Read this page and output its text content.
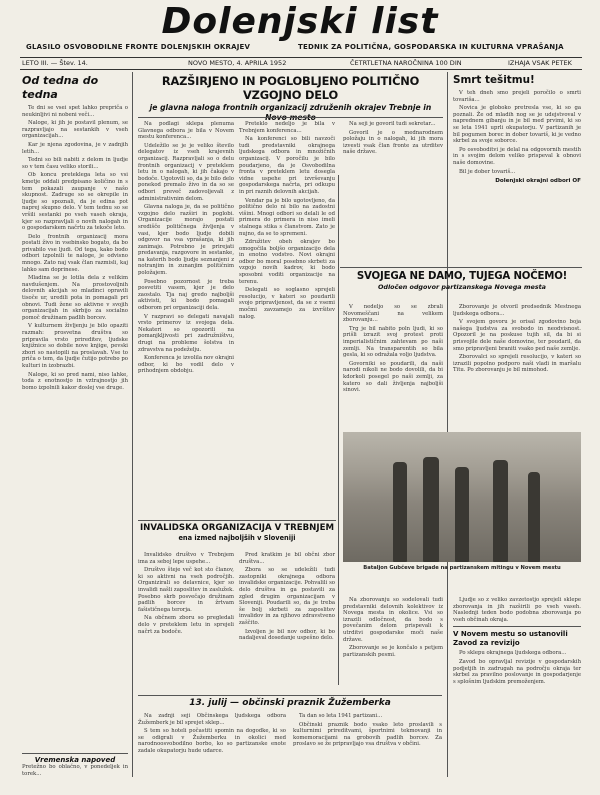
Dolenjski list
GLASILO OSVOBODILNE FRONTE DOLENJSKIH OKRAJEV	TEDNIK ZA POLITIČNA, GOSPODARSKA IN KULTURNA VPRAŠANJA
LETO III. — Štev. 14.	NOVO MESTO, 4. APRILA 1952	ČETRTLETNA NAROČNINA 100 DIN	IZHAJA VSAK PETEK
Od tedna do tedna

Te dni se vsei spet lahko prepriča o neukinljivi ni nobeni veči...

Naloge, ki jih je postavil plenum, se razpravljajo na sestankih v vseh organizacijah...

Kar je njena zgodovina, je v zadnjih letih...

Tedni so bili nabiti z delom in ljudje so v tem času veliko storili...

Ob koncu preteklega leta so vsi kmetje oddali predpisano količino in s tem pokazali zaupanje v našo skupnost. Zadruge so se okrepile in ljudje so spoznali, da je edina pot naprej skupno delo. V tem tednu so se vršili sestanki po vseh vaseh okraja, kjer so razpravljali o novih nalogah in o gospodarskem načrtu za tekoče leto.

Delo frontnih organizacij mora postati živo in vsebinsko bogato, da bo privabilo vse ljudi. Od tega, kako bodo odbori izpolnili te naloge, je odvisno mnogo. Zato naj vsak član razmisli, kaj lahko sam doprinese.

Mladina se je lotila dela z velikim navdušenjem. Na prostovoljnih delovnih akcijah so mladinci opravili tisoče ur, uredili pota in pomagali pri obnovi. Tudi žene so aktivne v svojih organizacijah in skrbijo za socialno pomoč družinam padlih borcev.

V kulturnem življenju je bilo opaziti razmah: prosvetna društva so pripravila vrsto prireditev, ljudske knjižnice so dobile nove knjige, pevski zbori so nastopili na proslavah. Vse to priča o tem, da ljudje čutijo potrebo po kulturi in izobrazbi.

Naloge, ki so pred nami, niso lahke, toda z enotnostjo in vztrajnostjo jih bomo izpolnili kakor doslej vse druge.

Vremenska napoved
Pretežno bo oblačno, v ponedeljek in torek...
RAZŠIRJENO IN POGLOBLJENO POLITIČNO VZGOJNO DELO
je glavna naloga frontnih organizacij združenih okrajev Trebnje in

Na podlagi sklepa plenuma Glavnega odbora je bila v Novem mestu konferenca...

Udeležilo se je je veliko število delegatov iz vseh krajevnih organizacij. Razpravljali so o delu frontnih organizacij v preteklem letu in o nalogah, ki jih čakajo v bodoče. Ugotovili so, da je bilo delo ponekod premalo živo in da so se odbori preveč zadovoljevali z administrativnim delom.

Glavna naloga je, da se politično vzgojno delo razširi in poglobi. Organizacije morajo postati središče političnega življenja v vasi, kjer bodo ljudje dobili odgovor na vsa vprašanja, ki jih zanimajo. Potrebno je prirejati predavanja, razgovore in sestanke, na katerih bodo ljudje seznanjeni z notranjim in zunanjim političnim položajem.

Posebno pozornost je treba posvetiti vasem, kjer je delo zaostalo. Tja naj gredo najboljši aktivisti, ki bodo pomagali odborom pri organizaciji dela.

V razpravi so delegati navajali vrsto primerov iz svojega dela. Nekateri so opozorili na pomanjkljivosti pri zadružništvu, drugi na probleme šolstva in zdravstva na podeželju.

Konferenca je izvolila nov okrajni odbor, ki bo vodil delo v prihodnjem obdobju.

Preteklo nedeljo je bila v Trebnjem konferenca...

Na konferenci so bili navzoči tudi predstavniki okrajnega ljudskega odbora in množičnih organizacij. V poročilu je bilo poudarjeno, da je Osvobodilna fronta v preteklem letu dosegla vidne uspehe pri izvrševanju gospodarskega načrta, pri odkupu in pri raznih delovnih akcijah.

Vendar pa je bilo ugotovljeno, da politično delo ni bilo na zadostni višini. Mnogi odbori so delali le od primera do primera in niso imeli stalnega stika s članstvom. Zato je nujno, da se to spremeni.

Združitev obeh okrajev bo omogočila boljšo organizacijo dela in enotno vodstvo. Novi okrajni odbor bo moral posebno skrbeti za vzgojo novih kadrov, ki bodo sposobni voditi organizacije na terenu.

Delegati so soglasno sprejeli resolucijo, v kateri so poudarili svojo pripravljenost, da se z vsemi močmi zavzamejo za izvršitev nalog.

Na seji je govoril tudi sekretar...

Govoril je o mednarodnem položaju in o nalogah, ki jih mora izvesti vsak član fronte za utrditev naše države.

Smrt tešitmu!

V teh dneh smo prejeli poročilo o smrti tovariša...

Novica je globoko pretresla vse, ki so ga poznali. Že od mladih nog se je udejstvoval v naprednem gibanju in je bil med prvimi, ki so se leta 1941 uprli okupatorju. V partizanih je bil pogumen borec in dober tovariš, ki je vedno skrbel za svoje soborce.

Po osvoboditvi je delal na odgovornih mestih in s svojim delom veliko prispeval k obnovi naše domovine.

Bil je dober tovariš...

Dolenjski okrajni odbori OF
SVOJEGA NE DAMO, TUJEGA NOČEMO!
Odločen odgovor partizanskega Novega mesta

V nedeljo so se zbrali Novomeščani na velikem zborovanju...

Trg je bil nabito poln ljudi, ki so prišli izrazit svoj protest proti imperialističnim zahtevam po naši zemlji. Na transparentih so bila gesla, ki so odražala voljo ljudstva.

Govorniki so poudarili, da naši narodi nikoli ne bodo dovolili, da bi kdorkoli posegel po naši zemlji, za katero so dali življenja najboljši sinovi.

Zborovanje je otvoril predsednik Mestnega ljudskega odbora...

V svojem govoru je orisal zgodovino boja našega ljudstva za svobodo in neodvisnost. Opozoril je na poskuse tujih sil, da bi si prisvojile dele naše domovine, ter poudaril, da smo pripravljeni braniti vsako ped naše zemlje.

Zborovalci so sprejeli resolucijo, v kateri so izrazili popolno podporo naši vladi in maršalu Titu. Po zborovanju je bil mimohod.

Bataljon Gubčeve brigade na partizanskem mitingu v Novem mestu
INVALIDSKA ORGANIZACIJA V TREBNJEM
ena izmed najboljših v Sloveniji

Invalidsko društvo v Trebnjem ima za seboj lepe uspehe...

Društvo šteje več kot sto članov, ki so aktivni na vseh področjih. Organizirali so delavnice, kjer so invalidi našli zaposlitev in zaslužek. Posebno skrb posvečajo družinam padlih borcev in žrtvam fašističnega terorja.

Na občnem zboru so pregledali delo v preteklem letu in sprejeli načrt za bodoče.

Pred kratkim je bil občni zbor društva...

Zbora so se udeležili tudi zastopniki okrajnega odbora invalidske organizacije. Pohvalili so delo društva in ga postavili za zgled drugim organizacijam v Sloveniji. Poudarili so, da je treba še bolj skrbeti za zaposlitev invalidov in za njihovo zdravstveno zaščito.

Izvoljen je bil nov odbor, ki bo nadaljeval dosedanje uspešno delo.

13. julij — občinski praznik Žužemberka

Na zadnji seji Občinskega ljudskega odbora Žužemberk je bil sprejet sklep...

S tem so hoteli počastiti spomin na dogodke, ki so se odigrali v Žužemberku in okolici med narodnoosvobodilno borbo, ko so partizanske enote zadale okupatorju hude udarce.

Ta dan so leta 1941 partizani...

Občinski praznik bodo vsako leto proslavili s kulturnimi prireditvami, športnimi tekmovanji in komemoracijami na grobovih padlih borcev. Za proslavo se že pripravljajo vsa društva v občini.

Na zborovanju so sodelovali tudi predstavniki delovnih kolektivov iz Novega mesta in okolice. Vsi so izrazili odločnost, da bodo s povečanim delom prispevali k utrditvi gospodarske moči naše države.

Zborovanje se je končalo s petjem partizanskih pesmi.

Ljudje so z veliko zavzetostjo sprejeli sklepe zborovanja in jih razširili po vseh vaseh. Naslednji teden bodo podobna zborovanja po vseh občinah okraja.

V Novem mestu so ustanovili Zavod za revizijo

Po sklepu okrajnega ljudskega odbora...

Zavod bo opravljal revizije v gospodarskih podjetjih in zadrugah na področju okraja ter skrbel za pravilno poslovanje in gospodarjenje s splošnim ljudskim premoženjem.
